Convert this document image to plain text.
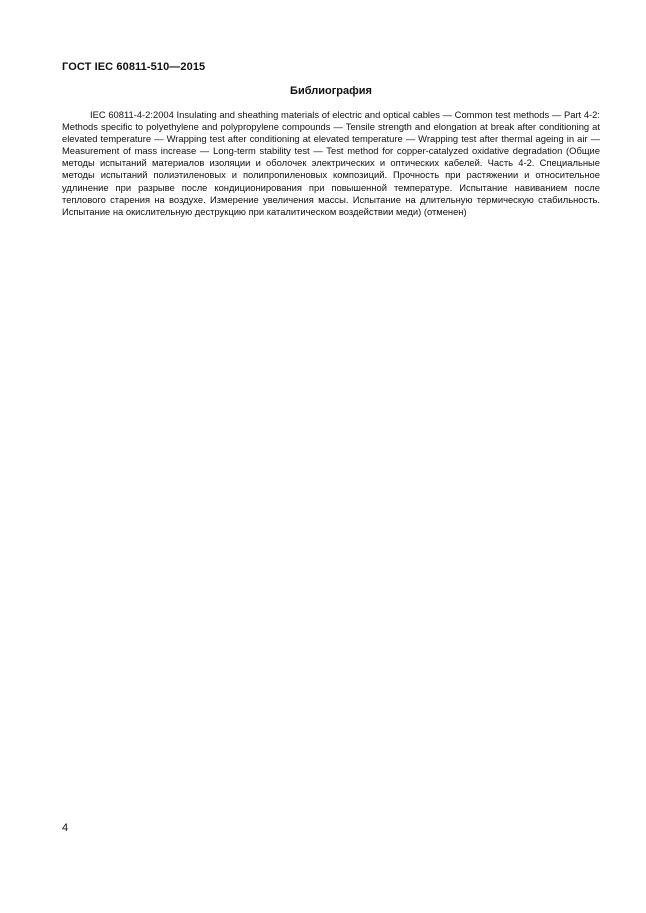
ГОСТ IEC 60811-510—2015
Библиография

IEC 60811-4-2:2004 Insulating and sheathing materials of electric and optical cables — Common test methods — Part 4-2: Methods specific to polyethylene and polypropylene compounds — Tensile strength and elongation at break after conditioning at elevated temperature — Wrapping test after conditioning at elevated temperature — Wrapping test after thermal ageing in air — Measurement of mass increase — Long-term stability test — Test method for copper-catalyzed oxidative degradation (Общие методы испытаний материалов изоляции и оболочек электрических и оптических кабелей. Часть 4-2. Специальные методы испытаний полиэтиленовых и полипропиленовых композиций. Прочность при растяжении и относительное удлинение при разрыве после кондиционирования при повышенной температуре. Испытание навиванием после теплового старения на воздухе. Измерение увеличения массы. Испытание на длительную термическую стабильность. Испытание на окислительную деструкцию при каталитическом воздействии меди) (отменен)

4
